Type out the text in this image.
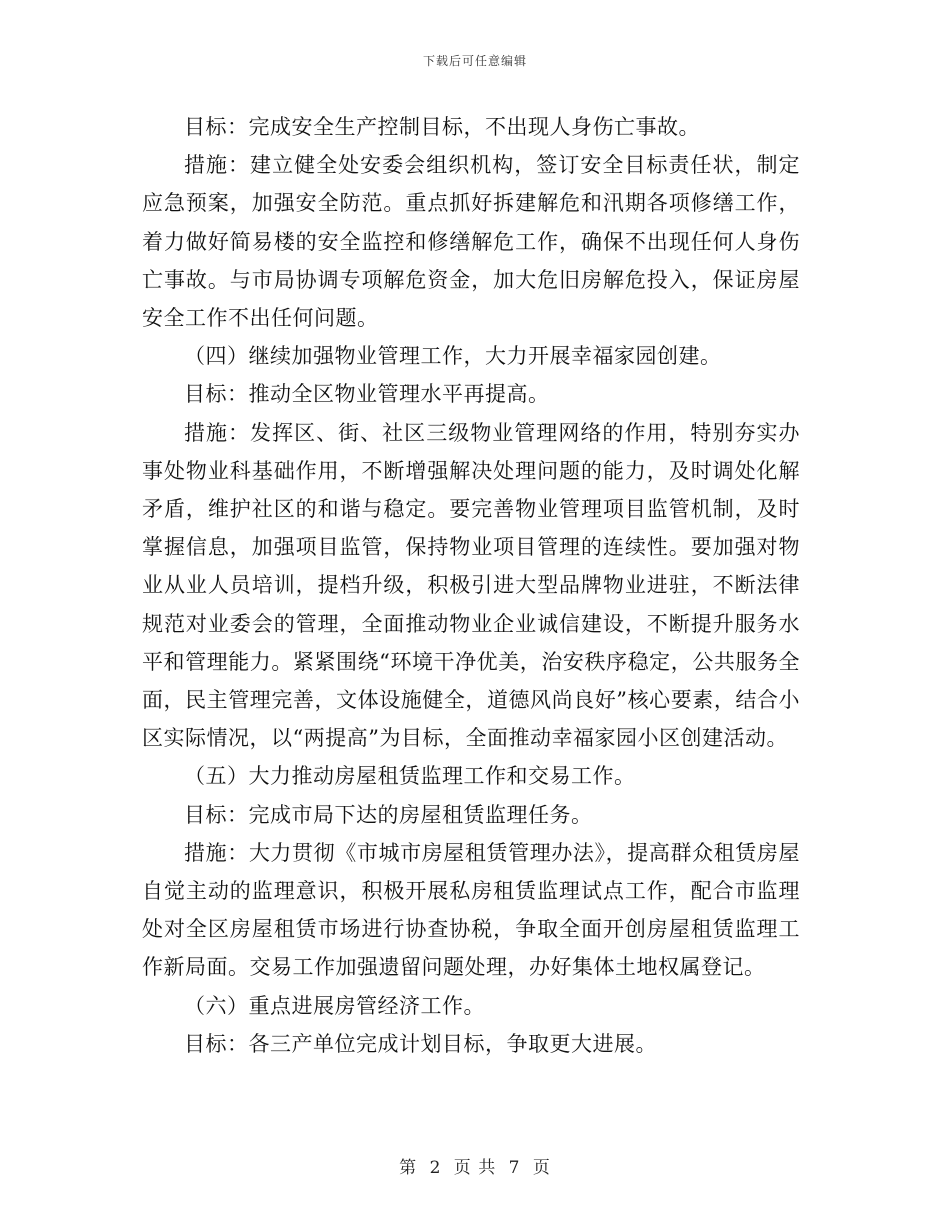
下载后可任意编辑

目标：完成安全生产控制目标，不出现人身伤亡事故。

措施：建立健全处安委会组织机构，签订安全目标责任状，制定应急预案，加强安全防范。重点抓好拆建解危和汛期各项修缮工作，着力做好简易楼的安全监控和修缮解危工作，确保不出现任何人身伤亡事故。与市局协调专项解危资金，加大危旧房解危投入，保证房屋安全工作不出任何问题。

（四）继续加强物业管理工作，大力开展幸福家园创建。

目标：推动全区物业管理水平再提高。

措施：发挥区、街、社区三级物业管理网络的作用，特别夯实办事处物业科基础作用，不断增强解决处理问题的能力，及时调处化解矛盾，维护社区的和谐与稳定。要完善物业管理项目监管机制，及时掌握信息，加强项目监管，保持物业项目管理的连续性。要加强对物业从业人员培训，提档升级，积极引进大型品牌物业进驻，不断法律规范对业委会的管理，全面推动物业企业诚信建设，不断提升服务水平和管理能力。紧紧围绕“环境干净优美，治安秩序稳定，公共服务全面，民主管理完善，文体设施健全，道德风尚良好”核心要素，结合小区实际情况，以“两提高”为目标，全面推动幸福家园小区创建活动。

（五）大力推动房屋租赁监理工作和交易工作。

目标：完成市局下达的房屋租赁监理任务。

措施：大力贯彻《市城市房屋租赁管理办法》，提高群众租赁房屋自觉主动的监理意识，积极开展私房租赁监理试点工作，配合市监理处对全区房屋租赁市场进行协查协税，争取全面开创房屋租赁监理工作新局面。交易工作加强遗留问题处理，办好集体土地权属登记。

（六）重点进展房管经济工作。

目标：各三产单位完成计划目标，争取更大进展。

第 2 页 共 7 页
